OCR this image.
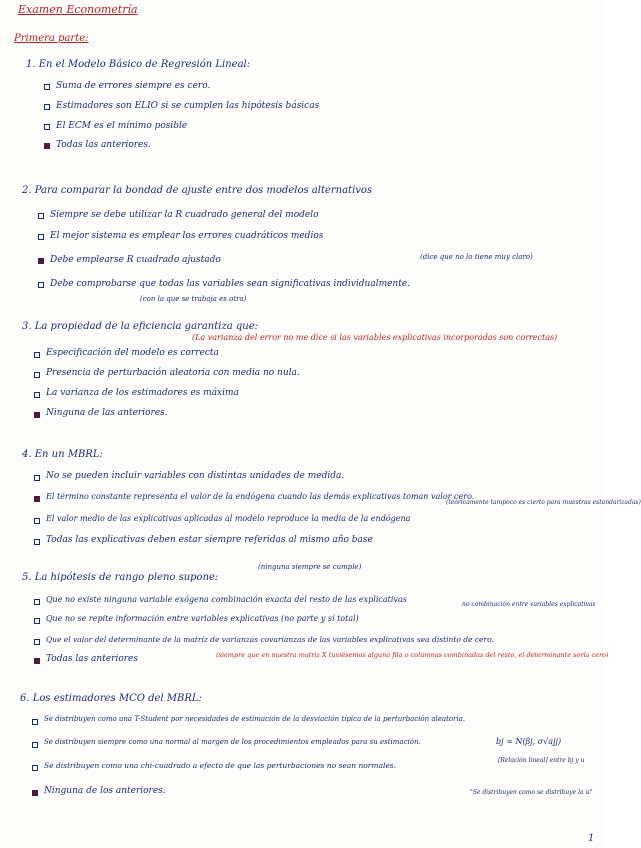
Examen Econometría
Primera parte:
1. En el Modelo Básico de Regresión Lineal:
Suma de errores siempre es cero.
Estimadores son ELIO si se cumplen las hipótesis básicas
El ECM es el mínimo posible
Todas las anteriores.
2. Para comparar la bondad de ajuste entre dos modelos alternativos
Siempre se debe utilizar la R cuadrado general del modelo
El mejor sistema es emplear los errores cuadráticos medios
Debe emplearse R cuadrado ajustado	(dice que no lo tiene muy claro)
Debe comprobarse que todas las variables sean significativas individualmente.
(con la que se trabaja es otra)
3. La propiedad de la eficiencia garantiza que:
Especificación del modelo es correcta
(La varianza del error no me dice si las variables explicativas incorporadas son correctas)
Presencia de perturbación aleatoria con media no nula.
La varianza de los estimadores es máxima
Ninguna de las anteriores.
4. En un MBRL:
No se pueden incluir variables con distintas unidades de medida.
El término constante representa el valor de la endógena cuando las demás explicativas toman valor cero.
El valor medio de las explicativas aplicadas al modelo reproduce la media de la endógena
(teóricamente tampoco es cierto para muestras estandarizadas)
Todas las explicativas deben estar siempre referidas al mismo año base
5. La hipótesis de rango pleno supone:
(ninguna siempre se cumple)
Que no existe ninguna variable exógena combinación exacta del resto de las explicativas
Que no se repite información entre variables explicativas (no parte y sí total)
no combinación entre variables explicativas
Que el valor del determinante de la matriz de varianzas covarianzas de las variables explicativas sea distinto de cero.
Todas las anteriores	(siempre que en nuestra matriz X tuviésemos alguna fila o columnas combinadas del resto, el determinante sería cero)
6. Los estimadores MCO del MBRL:
Se distribuyen como una T-Student por necesidades de estimación de la desviación típica de la perturbación aleatoria.
Se distribuyen siempre como una normal al margen de los procedimientos empleados para su estimación.	bj ≈ N(βj, σ√ajj)
Se distribuyen como una chi-cuadrado a efecto de que las perturbaciones no sean normales.
[Relación lineal] entre bj y u
Ninguna de los anteriores.	"Se distribuyen como se distribuye la u"
1
